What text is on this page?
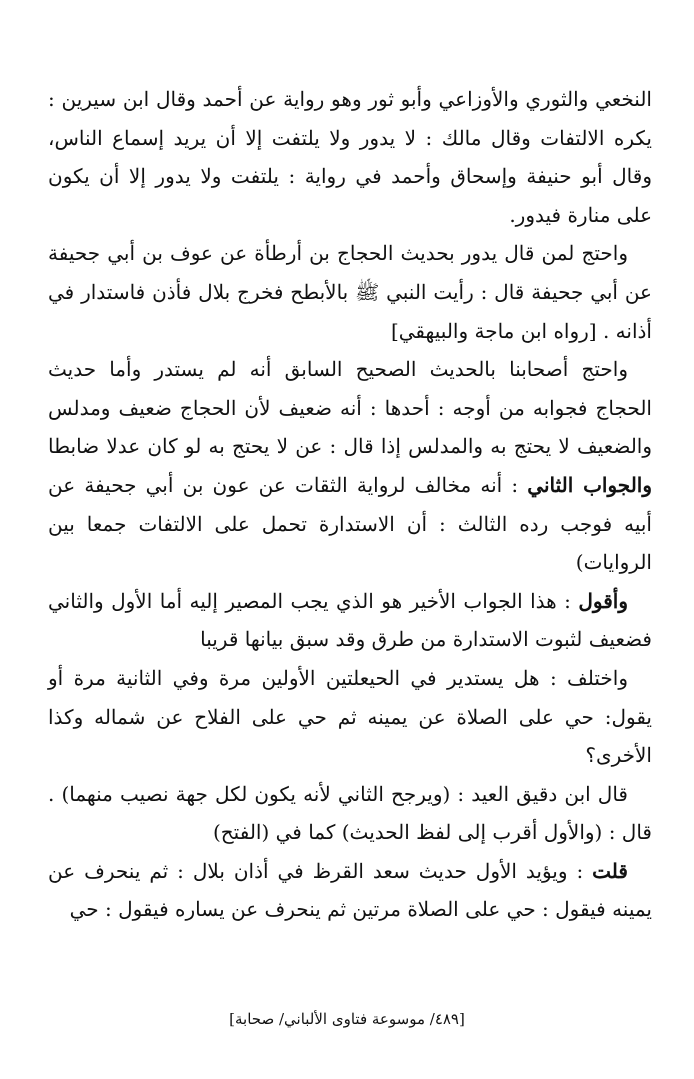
النخعي والثوري والأوزاعي وأبو ثور وهو رواية عن أحمد وقال ابن سيرين : يكره الالتفات وقال مالك : لا يدور ولا يلتفت إلا أن يريد إسماع الناس، وقال أبو حنيفة وإسحاق وأحمد في رواية : يلتفت ولا يدور إلا أن يكون على منارة فيدور.

واحتج لمن قال يدور بحديث الحجاج بن أرطأة عن عوف بن أبي جحيفة عن أبي جحيفة قال : رأيت النبي ﷺ بالأبطح فخرج بلال فأذن فاستدار في أذانه . [رواه ابن ماجة والبيهقي]

واحتج أصحابنا بالحديث الصحيح السابق أنه لم يستدر وأما حديث الحجاج فجوابه من أوجه : أحدها : أنه ضعيف لأن الحجاج ضعيف ومدلس والضعيف لا يحتج به والمدلس إذا قال : عن لا يحتج به لو كان عدلا ضابطا والجواب الثاني : أنه مخالف لرواية الثقات عن عون بن أبي جحيفة عن أبيه فوجب رده الثالث : أن الاستدارة تحمل على الالتفات جمعا بين الروايات)

وأقول : هذا الجواب الأخير هو الذي يجب المصير إليه أما الأول والثاني فضعيف لثبوت الاستدارة من طرق وقد سبق بيانها قريبا

واختلف : هل يستدير في الحيعلتين الأولين مرة وفي الثانية مرة أو يقول: حي على الصلاة عن يمينه ثم حي على الفلاح عن شماله وكذا الأخرى؟

قال ابن دقيق العيد : (ويرجح الثاني لأنه يكون لكل جهة نصيب منهما) . قال : (والأول أقرب إلى لفظ الحديث) كما في (الفتح)

قلت : ويؤيد الأول حديث سعد القرظ في أذان بلال : ثم ينحرف عن يمينه فيقول : حي على الصلاة مرتين ثم ينحرف عن يساره فيقول : حي

[٤٨٩/ موسوعة فتاوى الألباني/ صحابة]
